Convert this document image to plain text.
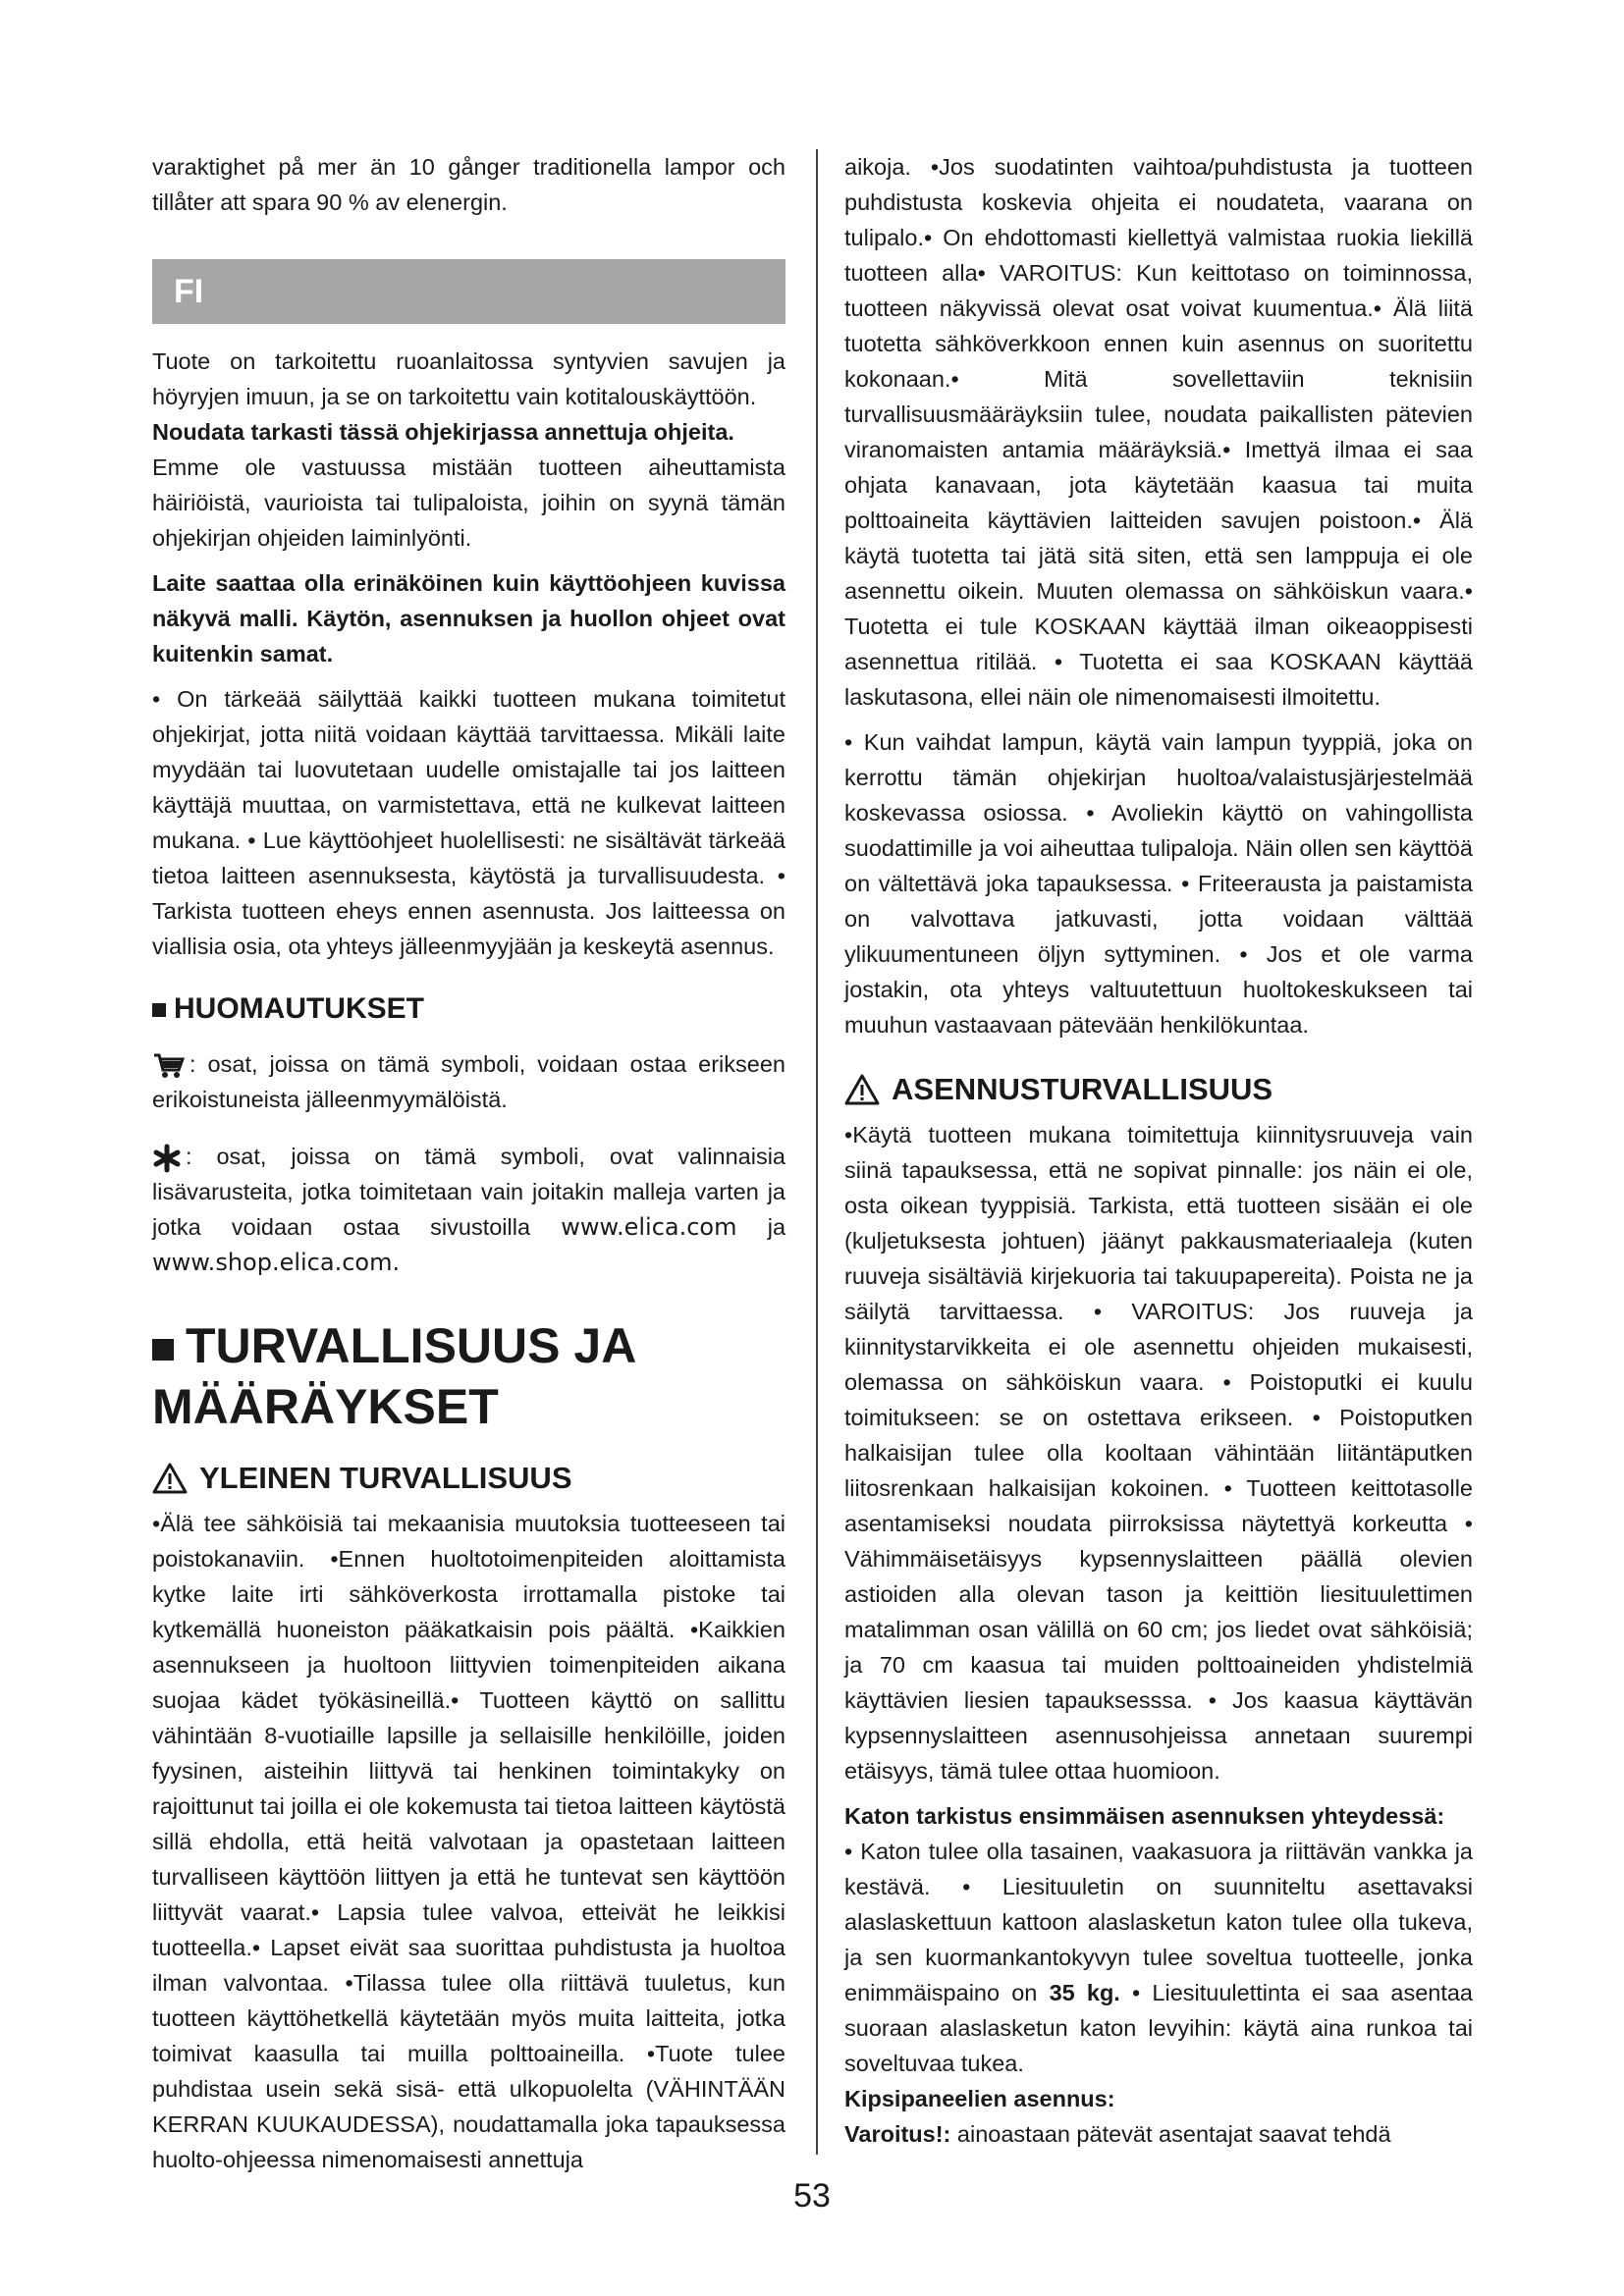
varaktighet på mer än 10 gånger traditionella lampor och tillåter att spara 90 % av elenergin.

FI

Tuote on tarkoitettu ruoanlaitossa syntyvien savujen ja höyryjen imuun, ja se on tarkoitettu vain kotitalouskäyttöön.

Noudata tarkasti tässä ohjekirjassa annettuja ohjeita.

Emme ole vastuussa mistään tuotteen aiheuttamista häiriöistä, vaurioista tai tulipaloista, joihin on syynä tämän ohjekirjan ohjeiden laiminlyönti.

Laite saattaa olla erinäköinen kuin käyttöohjeen kuvissa näkyvä malli. Käytön, asennuksen ja huollon ohjeet ovat kuitenkin samat.

• On tärkeää säilyttää kaikki tuotteen mukana toimitetut ohjekirjat, jotta niitä voidaan käyttää tarvittaessa. Mikäli laite myydään tai luovutetaan uudelle omistajalle tai jos laitteen käyttäjä muuttaa, on varmistettava, että ne kulkevat laitteen mukana. • Lue käyttöohjeet huolellisesti: ne sisältävät tärkeää tietoa laitteen asennuksesta, käytöstä ja turvallisuudesta. • Tarkista tuotteen eheys ennen asennusta. Jos laitteessa on viallisia osia, ota yhteys jälleenmyyjään ja keskeytä asennus.

HUOMAUTUKSET

: osat, joissa on tämä symboli, voidaan ostaa erikseen erikoistuneista jälleenmyymälöistä.

: osat, joissa on tämä symboli, ovat valinnaisia lisävarusteita, jotka toimitetaan vain joitakin malleja varten ja jotka voidaan ostaa sivustoilla www.elica.com ja www.shop.elica.com.

TURVALLISUUS JA
MÄÄRÄYKSET
YLEINEN TURVALLISUUS

•Älä tee sähköisiä tai mekaanisia muutoksia tuotteeseen tai poistokanaviin. •Ennen huoltotoimenpiteiden aloittamista kytke laite irti sähköverkosta irrottamalla pistoke tai kytkemällä huoneiston pääkatkaisin pois päältä. •Kaikkien asennukseen ja huoltoon liittyvien toimenpiteiden aikana suojaa kädet työkäsineillä.• Tuotteen käyttö on sallittu vähintään 8-vuotiaille lapsille ja sellaisille henkilöille, joiden fyysinen, aisteihin liittyvä tai henkinen toimintakyky on rajoittunut tai joilla ei ole kokemusta tai tietoa laitteen käytöstä sillä ehdolla, että heitä valvotaan ja opastetaan laitteen turvalliseen käyttöön liittyen ja että he tuntevat sen käyttöön liittyvät vaarat.• Lapsia tulee valvoa, etteivät he leikkisi tuotteella.• Lapset eivät saa suorittaa puhdistusta ja huoltoa ilman valvontaa. •Tilassa tulee olla riittävä tuuletus, kun tuotteen käyttöhetkellä käytetään myös muita laitteita, jotka toimivat kaasulla tai muilla polttoaineilla. •Tuote tulee puhdistaa usein sekä sisä- että ulkopuolelta (VÄHINTÄÄN KERRAN KUUKAUDESSA), noudattamalla joka tapauksessa huolto-ohjeessa nimenomaisesti annettuja

aikoja. •Jos suodatinten vaihtoa/puhdistusta ja tuotteen puhdistusta koskevia ohjeita ei noudateta, vaarana on tulipalo.• On ehdottomasti kiellettyä valmistaa ruokia liekillä tuotteen alla• VAROITUS: Kun keittotaso on toiminnossa, tuotteen näkyvissä olevat osat voivat kuumentua.• Älä liitä tuotetta sähköverkkoon ennen kuin asennus on suoritettu kokonaan.• Mitä sovellettaviin teknisiin turvallisuusmääräyksiin tulee, noudata paikallisten pätevien viranomaisten antamia määräyksiä.• Imettyä ilmaa ei saa ohjata kanavaan, jota käytetään kaasua tai muita polttoaineita käyttävien laitteiden savujen poistoon.• Älä käytä tuotetta tai jätä sitä siten, että sen lamppuja ei ole asennettu oikein. Muuten olemassa on sähköiskun vaara.• Tuotetta ei tule KOSKAAN käyttää ilman oikeaoppisesti asennettua ritilää. • Tuotetta ei saa KOSKAAN käyttää laskutasona, ellei näin ole nimenomaisesti ilmoitettu.

• Kun vaihdat lampun, käytä vain lampun tyyppiä, joka on kerrottu tämän ohjekirjan huoltoa/valaistusjärjestelmää koskevassa osiossa. • Avoliekin käyttö on vahingollista suodattimille ja voi aiheuttaa tulipaloja. Näin ollen sen käyttöä on vältettävä joka tapauksessa. • Friteerausta ja paistamista on valvottava jatkuvasti, jotta voidaan välttää ylikuumentuneen öljyn syttyminen. • Jos et ole varma jostakin, ota yhteys valtuutettuun huoltokeskukseen tai muuhun vastaavaan pätevään henkilökuntaa.

ASENNUSTURVALLISUUS

•Käytä tuotteen mukana toimitettuja kiinnitysruuveja vain siinä tapauksessa, että ne sopivat pinnalle: jos näin ei ole, osta oikean tyyppisiä. Tarkista, että tuotteen sisään ei ole (kuljetuksesta johtuen) jäänyt pakkausmateriaaleja (kuten ruuveja sisältäviä kirjekuoria tai takuupapereita). Poista ne ja säilytä tarvittaessa. • VAROITUS: Jos ruuveja ja kiinnitystarvikkeita ei ole asennettu ohjeiden mukaisesti, olemassa on sähköiskun vaara. • Poistoputki ei kuulu toimitukseen: se on ostettava erikseen. • Poistoputken halkaisijan tulee olla kooltaan vähintään liitäntäputken liitosrenkaan halkaisijan kokoinen. • Tuotteen keittotasolle asentamiseksi noudata piirroksissa näytettyä korkeutta • Vähimmäisetäisyys kypsennyslaitteen päällä olevien astioiden alla olevan tason ja keittiön liesituulettimen matalimman osan välillä on 60 cm; jos liedet ovat sähköisiä; ja 70 cm kaasua tai muiden polttoaineiden yhdistelmiä käyttävien liesien tapauksesssa. • Jos kaasua käyttävän kypsennyslaitteen asennusohjeissa annetaan suurempi etäisyys, tämä tulee ottaa huomioon.

Katon tarkistus ensimmäisen asennuksen yhteydessä:

• Katon tulee olla tasainen, vaakasuora ja riittävän vankka ja kestävä. • Liesituuletin on suunniteltu asettavaksi alaslaskettuun kattoon alaslasketun katon tulee olla tukeva, ja sen kuormankantokyvyn tulee soveltua tuotteelle, jonka enimmäispaino on 35 kg. • Liesituulettinta ei saa asentaa suoraan alaslasketun katon levyihin: käytä aina runkoa tai soveltuvaa tukea.

Kipsipaneelien asennus:

Varoitus!: ainoastaan pätevät asentajat saavat tehdä

53
